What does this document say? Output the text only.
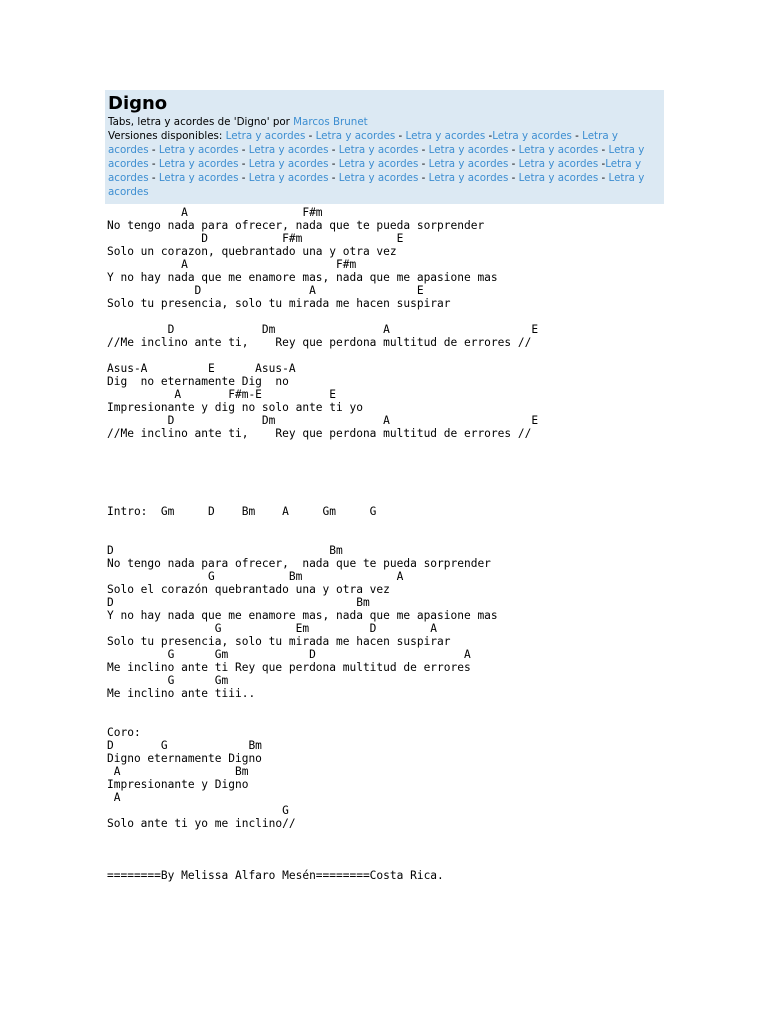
Digno
Tabs, letra y acordes de 'Digno' por Marcos Brunet
Versiones disponibles: Letra y acordes - Letra y acordes - Letra y acordes -Letra y acordes - Letra y acordes - Letra y acordes - Letra y acordes - Letra y acordes - Letra y acordes - Letra y acordes - Letra y acordes - Letra y acordes - Letra y acordes - Letra y acordes - Letra y acordes - Letra y acordes -Letra y acordes - Letra y acordes - Letra y acordes - Letra y acordes - Letra y acordes - Letra y acordes - Letra y acordes
A                 F#m
No tengo nada para ofrecer, nada que te pueda sorprender
D           F#m              E
Solo un corazon, quebrantado una y otra vez
A                      F#m
Y no hay nada que me enamore mas, nada que me apasione mas
D                A               E
Solo tu presencia, solo tu mirada me hacen suspirar
D             Dm                A                     E
//Me inclino ante ti,    Rey que perdona multitud de errores //
Asus-A         E      Asus-A
Dig  no eternamente Dig  no
A       F#m-E          E
Impresionante y dig no solo ante ti yo
D             Dm                A                     E
//Me inclino ante ti,    Rey que perdona multitud de errores //
Intro:  Gm     D    Bm    A     Gm     G
D                                Bm
No tengo nada para ofrecer,  nada que te pueda sorprender
G           Bm              A
Solo el corazón quebrantado una y otra vez
D                                    Bm
Y no hay nada que me enamore mas, nada que me apasione mas
G           Em         D        A
Solo tu presencia, solo tu mirada me hacen suspirar
G      Gm            D                      A
Me inclino ante ti Rey que perdona multitud de errores
G      Gm
Me inclino ante tiii..
Coro:
D       G            Bm
Digno eternamente Digno
A                 Bm
Impresionante y Digno
A
G
Solo ante ti yo me inclino//
========By Melissa Alfaro Mesén========Costa Rica.
